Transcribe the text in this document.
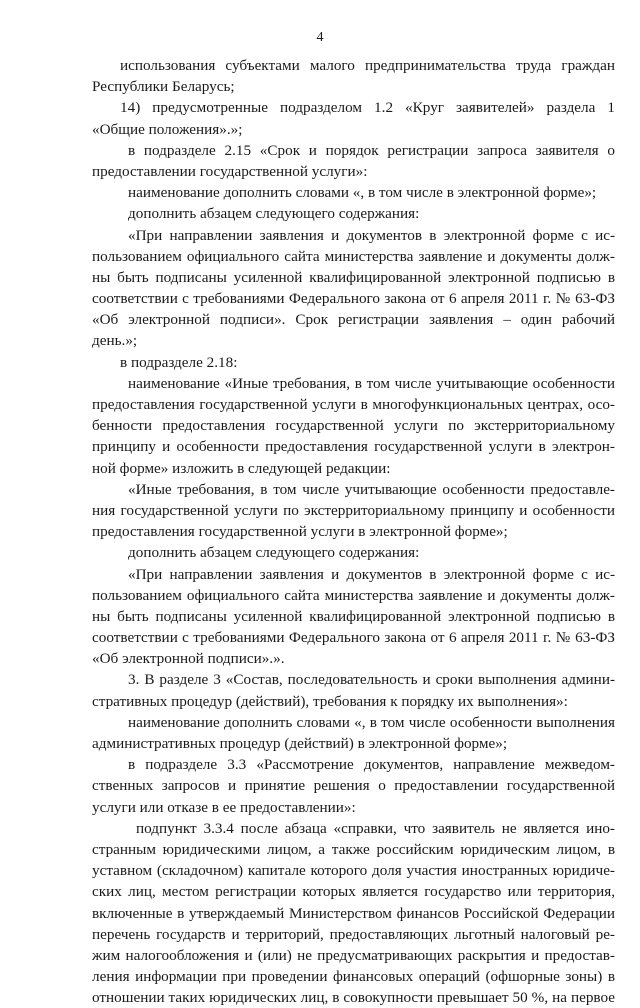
4
использования субъектами малого предпринимательства труда граждан
Республики Беларусь;
14) предусмотренные подразделом 1.2 «Круг заявителей» раздела 1
«Общие положения».»;
в подразделе 2.15 «Срок и порядок регистрации запроса заявителя о
предоставлении государственной услуги»:
наименование дополнить словами «, в том числе в электронной форме»;
дополнить абзацем следующего содержания:
«При направлении заявления и документов в электронной форме с ис-
пользованием официального сайта министерства заявление и документы долж-
ны быть подписаны усиленной квалифицированной электронной подписью в
соответствии с требованиями Федерального закона от 6 апреля 2011 г. № 63-ФЗ
«Об электронной подписи». Срок регистрации заявления – один рабочий
день.»;
в подразделе 2.18:
наименование «Иные требования, в том числе учитывающие особенности
предоставления государственной услуги в многофункциональных центрах, осо-
бенности предоставления государственной услуги по экстерриториальному
принципу и особенности предоставления государственной услуги в электрон-
ной форме» изложить в следующей редакции:
«Иные требования, в том числе учитывающие особенности предоставле-
ния государственной услуги по экстерриториальному принципу и особенности
предоставления государственной услуги в электронной форме»;
дополнить абзацем следующего содержания:
«При направлении заявления и документов в электронной форме с ис-
пользованием официального сайта министерства заявление и документы долж-
ны быть подписаны усиленной квалифицированной электронной подписью в
соответствии с требованиями Федерального закона от 6 апреля 2011 г. № 63-ФЗ
«Об электронной подписи».».
3. В разделе 3 «Состав, последовательность и сроки выполнения админи-
стративных процедур (действий), требования к порядку их выполнения»:
наименование дополнить словами «, в том числе особенности выполнения
административных процедур (действий) в электронной форме»;
в подразделе 3.3 «Рассмотрение документов, направление межведом-
ственных запросов и принятие решения о предоставлении государственной
услуги или отказе в ее предоставлении»:
подпункт 3.3.4 после абзаца «справки, что заявитель не является ино-
странным юридическими лицом, а также российским юридическим лицом, в
уставном (складочном) капитале которого доля участия иностранных юридиче-
ских лиц, местом регистрации которых является государство или территория,
включенные в утверждаемый Министерством финансов Российской Федерации
перечень государств и территорий, предоставляющих льготный налоговый ре-
жим налогообложения и (или) не предусматривающих раскрытия и предостав-
ления информации при проведении финансовых операций (офшорные зоны) в
отношении таких юридических лиц, в совокупности превышает 50 %, на первое
